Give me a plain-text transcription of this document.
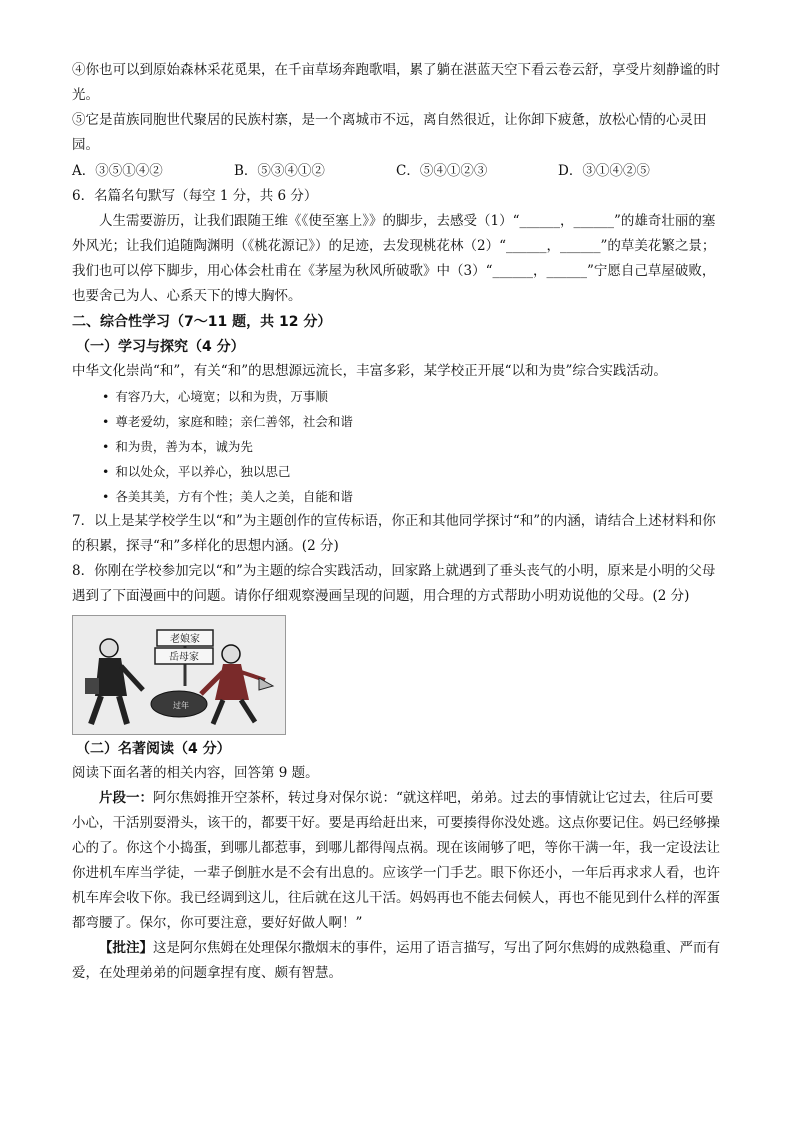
④你也可以到原始森林采花觅果，在千亩草场奔跑歌唱，累了躺在湛蓝天空下看云卷云舒，享受片刻静谧的时光。

⑤它是苗族同胞世代聚居的民族村寨，是一个离城市不远，离自然很近，让你卸下疲惫，放松心情的心灵田园。

A．③⑤①④②	B．⑤③④①②	C．⑤④①②③	D．③①④②⑤

6．名篇名句默写（每空 1 分，共 6 分）

人生需要游历，让我们跟随王维《《使至塞上》》的脚步，去感受（1）“______，______”的雄奇壮丽的塞外风光；让我们追随陶渊明（《桃花源记》）的足迹，去发现桃花林（2）“______，______”的草美花繁之景；我们也可以停下脚步，用心体会杜甫在《茅屋为秋风所破歌》中（3）“______，______”宁愿自己草屋破败，也要舍己为人、心系天下的博大胸怀。

二、综合性学习（7～11 题，共 12 分）

（一）学习与探究（4 分）

中华文化崇尚“和”，有关“和”的思想源远流长，丰富多彩，某学校正开展“以和为贵”综合实践活动。

• 有容乃大，心境宽；以和为贵，万事顺
• 尊老爱幼，家庭和睦；亲仁善邻，社会和谐
• 和为贵，善为本，诚为先
• 和以处众，平以养心，独以思己
• 各美其美，方有个性；美人之美，自能和谐

7．以上是某学校学生以“和”为主题创作的宣传标语，你正和其他同学探讨“和”的内涵，请结合上述材料和你的积累，探寻“和”多样化的思想内涵。(2 分)

8．你刚在学校参加完以“和”为主题的综合实践活动，回家路上就遇到了垂头丧气的小明，原来是小明的父母遇到了下面漫画中的问题。请你仔细观察漫画呈现的问题，用合理的方式帮助小明劝说他的父母。(2 分)

老娘家
岳母家
过年

（二）名著阅读（4 分）

阅读下面名著的相关内容，回答第 9 题。

片段一：阿尔焦姆推开空茶杯，转过身对保尔说：“就这样吧，弟弟。过去的事情就让它过去，往后可要小心，干活别耍滑头，该干的，都要干好。要是再给赶出来，可要揍得你没处逃。这点你要记住。妈已经够操心的了。你这个小捣蛋，到哪儿都惹事，到哪儿都得闯点祸。现在该闹够了吧，等你干满一年，我一定设法让你进机车库当学徒，一辈子倒脏水是不会有出息的。应该学一门手艺。眼下你还小，一年后再求求人看，也许机车库会收下你。我已经调到这儿，往后就在这儿干活。妈妈再也不能去伺候人，再也不能见到什么样的浑蛋都弯腰了。保尔，你可要注意，要好好做人啊！”

【批注】这是阿尔焦姆在处理保尔撒烟末的事件，运用了语言描写，写出了阿尔焦姆的成熟稳重、严而有爱，在处理弟弟的问题拿捏有度、颇有智慧。
